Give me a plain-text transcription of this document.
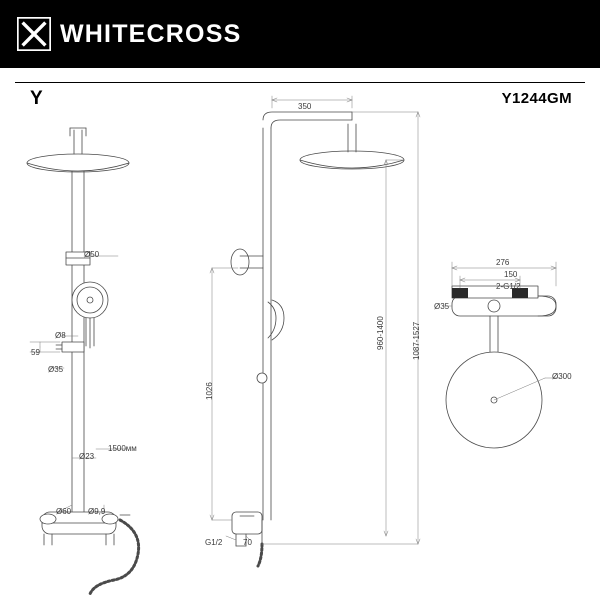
WHITECROSS
Y	Y1244GM
Ø50
Ø8
59
Ø35
Ø23
1500мм
Ø60 Ø9,9
350
1026
960-1400	1087-1527
G1/2	70
276
150
2-G1/2
Ø35
Ø300
